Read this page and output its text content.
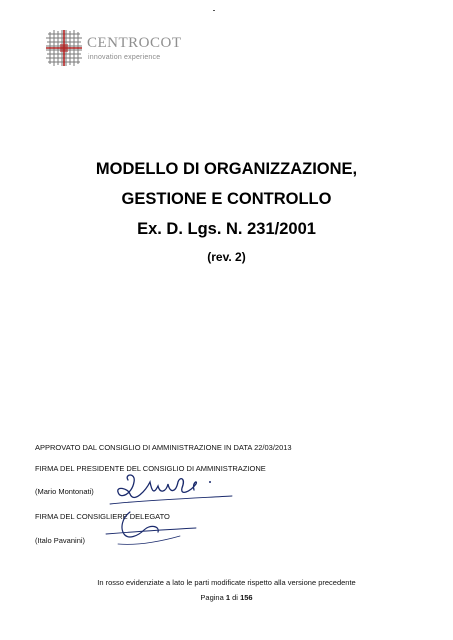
CENTROCOT
innovation experience
MODELLO DI ORGANIZZAZIONE,
GESTIONE E CONTROLLO
Ex. D. Lgs. N. 231/2001
(rev. 2)
APPROVATO DAL CONSIGLIO DI AMMINISTRAZIONE IN DATA 22/03/2013
FIRMA DEL PRESIDENTE DEL CONSIGLIO DI AMMINISTRAZIONE
(Mario Montonati)
FIRMA DEL CONSIGLIERE DELEGATO
(Italo Pavanini)
In rosso evidenziate a lato le parti modificate rispetto alla versione precedente
Pagina 1 di 156
